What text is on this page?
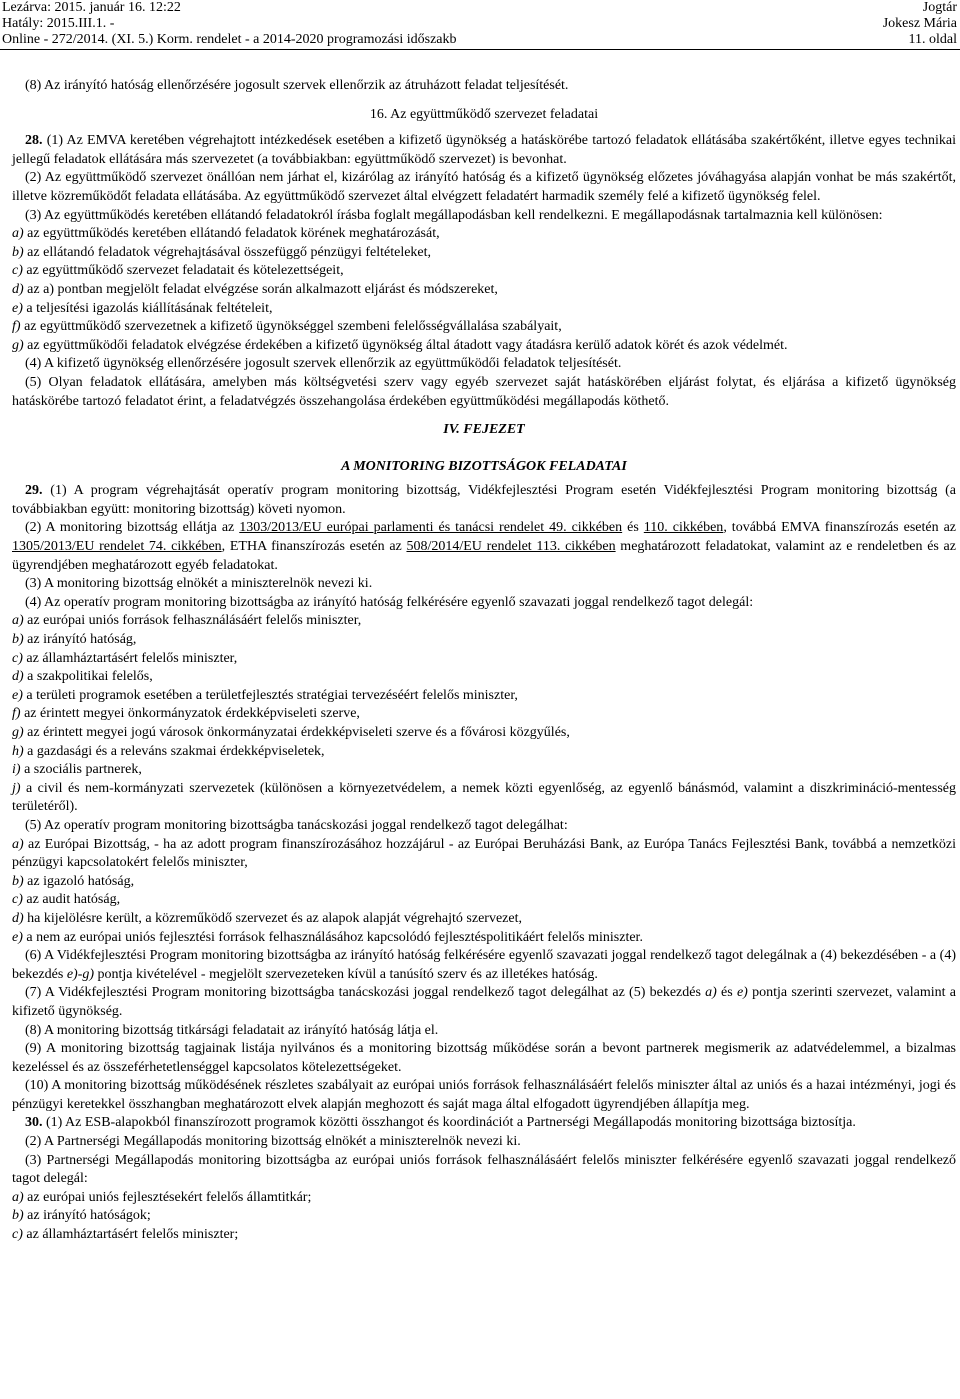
Lezárva: 2015. január 16. 12:22
Hatály: 2015.III.1. -
Online - 272/2014. (XI. 5.) Korm. rendelet - a 2014-2020 programozási időszakb
Jogtár
Jokesz Mária
11. oldal

(8) Az irányító hatóság ellenőrzésére jogosult szervek ellenőrzik az átruházott feladat teljesítését.

16. Az együttműködő szervezet feladatai

28. (1) Az EMVA keretében végrehajtott intézkedések esetében a kifizető ügynökség a hatáskörébe tartozó feladatok ellátásába szakértőként, illetve egyes technikai jellegű feladatok ellátására más szervezetet (a továbbiakban: együttműködő szervezet) is bevonhat.

(2) Az együttműködő szervezet önállóan nem járhat el, kizárólag az irányító hatóság és a kifizető ügynökség előzetes jóváhagyása alapján vonhat be más szakértőt, illetve közreműködőt feladata ellátásába. Az együttműködő szervezet által elvégzett feladatért harmadik személy felé a kifizető ügynökség felel.

(3) Az együttműködés keretében ellátandó feladatokról írásba foglalt megállapodásban kell rendelkezni. E megállapodásnak tartalmaznia kell különösen:

a) az együttműködés keretében ellátandó feladatok körének meghatározását,

b) az ellátandó feladatok végrehajtásával összefüggő pénzügyi feltételeket,

c) az együttműködő szervezet feladatait és kötelezettségeit,

d) az a) pontban megjelölt feladat elvégzése során alkalmazott eljárást és módszereket,

e) a teljesítési igazolás kiállításának feltételeit,

f) az együttműködő szervezetnek a kifizető ügynökséggel szembeni felelősségvállalása szabályait,

g) az együttműködői feladatok elvégzése érdekében a kifizető ügynökség által átadott vagy átadásra kerülő adatok körét és azok védelmét.

(4) A kifizető ügynökség ellenőrzésére jogosult szervek ellenőrzik az együttműködői feladatok teljesítését.

(5) Olyan feladatok ellátására, amelyben más költségvetési szerv vagy egyéb szervezet saját hatáskörében eljárást folytat, és eljárása a kifizető ügynökség hatáskörébe tartozó feladatot érint, a feladatvégzés összehangolása érdekében együttműködési megállapodás köthető.

IV. FEJEZET

A MONITORING BIZOTTSÁGOK FELADATAI

29. (1) A program végrehajtását operatív program monitoring bizottság, Vidékfejlesztési Program esetén Vidékfejlesztési Program monitoring bizottság (a továbbiakban együtt: monitoring bizottság) követi nyomon.

(2) A monitoring bizottság ellátja az 1303/2013/EU európai parlamenti és tanácsi rendelet 49. cikkében és 110. cikkében, továbbá EMVA finanszírozás esetén az 1305/2013/EU rendelet 74. cikkében, ETHA finanszírozás esetén az 508/2014/EU rendelet 113. cikkében meghatározott feladatokat, valamint az e rendeletben és az ügyrendjében meghatározott egyéb feladatokat.

(3) A monitoring bizottság elnökét a miniszterelnök nevezi ki.

(4) Az operatív program monitoring bizottságba az irányító hatóság felkérésére egyenlő szavazati joggal rendelkező tagot delegál:

a) az európai uniós források felhasználásáért felelős miniszter,

b) az irányító hatóság,

c) az államháztartásért felelős miniszter,

d) a szakpolitikai felelős,

e) a területi programok esetében a területfejlesztés stratégiai tervezéséért felelős miniszter,

f) az érintett megyei önkormányzatok érdekképviseleti szerve,

g) az érintett megyei jogú városok önkormányzatai érdekképviseleti szerve és a fővárosi közgyűlés,

h) a gazdasági és a releváns szakmai érdekképviseletek,

i) a szociális partnerek,

j) a civil és nem-kormányzati szervezetek (különösen a környezetvédelem, a nemek közti egyenlőség, az egyenlő bánásmód, valamint a diszkrimináció-mentesség területéről).

(5) Az operatív program monitoring bizottságba tanácskozási joggal rendelkező tagot delegálhat:

a) az Európai Bizottság, - ha az adott program finanszírozásához hozzájárul - az Európai Beruházási Bank, az Európa Tanács Fejlesztési Bank, továbbá a nemzetközi pénzügyi kapcsolatokért felelős miniszter,

b) az igazoló hatóság,

c) az audit hatóság,

d) ha kijelölésre került, a közreműködő szervezet és az alapok alapját végrehajtó szervezet,

e) a nem az európai uniós fejlesztési források felhasználásához kapcsolódó fejlesztéspolitikáért felelős miniszter.

(6) A Vidékfejlesztési Program monitoring bizottságba az irányító hatóság felkérésére egyenlő szavazati joggal rendelkező tagot delegálnak a (4) bekezdésében - a (4) bekezdés e)-g) pontja kivételével - megjelölt szervezeteken kívül a tanúsító szerv és az illetékes hatóság.

(7) A Vidékfejlesztési Program monitoring bizottságba tanácskozási joggal rendelkező tagot delegálhat az (5) bekezdés a) és e) pontja szerinti szervezet, valamint a kifizető ügynökség.

(8) A monitoring bizottság titkársági feladatait az irányító hatóság látja el.

(9) A monitoring bizottság tagjainak listája nyilvános és a monitoring bizottság működése során a bevont partnerek megismerik az adatvédelemmel, a bizalmas kezeléssel és az összeférhetetlenséggel kapcsolatos kötelezettségeket.

(10) A monitoring bizottság működésének részletes szabályait az európai uniós források felhasználásáért felelős miniszter által az uniós és a hazai intézményi, jogi és pénzügyi keretekkel összhangban meghatározott elvek alapján meghozott és saját maga által elfogadott ügyrendjében állapítja meg.

30. (1) Az ESB-alapokból finanszírozott programok közötti összhangot és koordinációt a Partnerségi Megállapodás monitoring bizottsága biztosítja.

(2) A Partnerségi Megállapodás monitoring bizottság elnökét a miniszterelnök nevezi ki.

(3) Partnerségi Megállapodás monitoring bizottságba az európai uniós források felhasználásáért felelős miniszter felkérésére egyenlő szavazati joggal rendelkező tagot delegál:

a) az európai uniós fejlesztésekért felelős államtitkár;

b) az irányító hatóságok;

c) az államháztartásért felelős miniszter;
